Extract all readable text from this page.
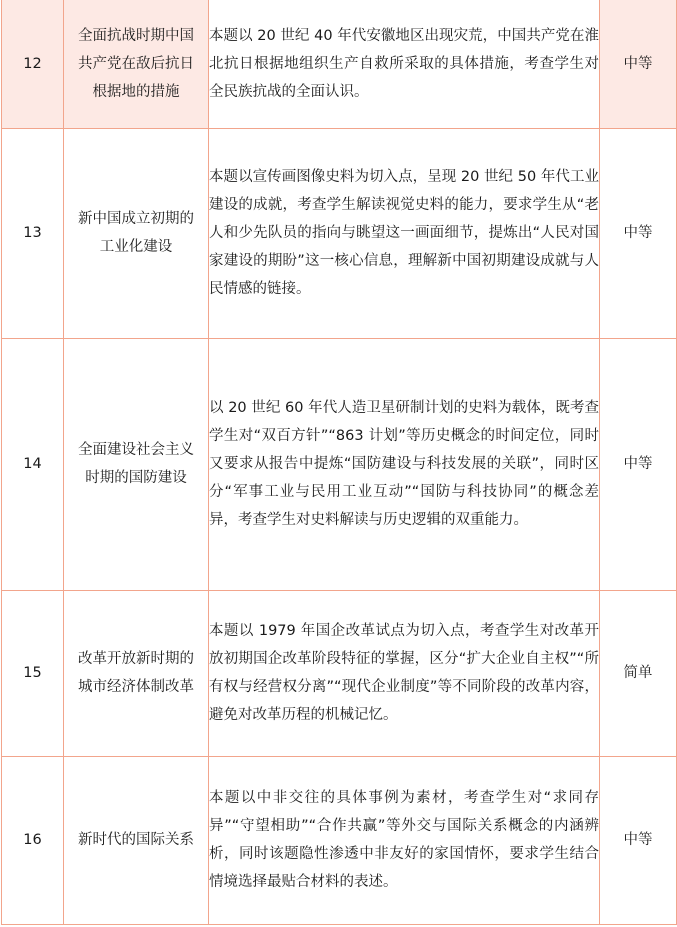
12	全面抗战时期中国
共产党在敌后抗日
根据地的措施	本题以 20 世纪 40 年代安徽地区出现灾荒，中国共产党在淮北抗日根据地组织生产自救所采取的具体措施，考查学生对全民族抗战的全面认识。	中等
13	新中国成立初期的
工业化建设	本题以宣传画图像史料为切入点，呈现 20 世纪 50 年代工业建设的成就，考查学生解读视觉史料的能力，要求学生从“老人和少先队员的指向与眺望这一画面细节，提炼出“人民对国家建设的期盼”这一核心信息，理解新中国初期建设成就与人民情感的链接。	中等
14	全面建设社会主义
时期的国防建设	以 20 世纪 60 年代人造卫星研制计划的史料为载体，既考查学生对“双百方针”“863 计划”等历史概念的时间定位，同时又要求从报告中提炼“国防建设与科技发展的关联”，同时区分“军事工业与民用工业互动”“国防与科技协同”的概念差异，考查学生对史料解读与历史逻辑的双重能力。	中等
15	改革开放新时期的
城市经济体制改革	本题以 1979 年国企改革试点为切入点，考查学生对改革开放初期国企改革阶段特征的掌握，区分“扩大企业自主权”“所有权与经营权分离”“现代企业制度”等不同阶段的改革内容，避免对改革历程的机械记忆。	简单
16	新时代的国际关系	本题以中非交往的具体事例为素材，考查学生对“求同存异”“守望相助”“合作共赢”等外交与国际关系概念的内涵辨析，同时该题隐性渗透中非友好的家国情怀，要求学生结合情境选择最贴合材料的表述。	中等
